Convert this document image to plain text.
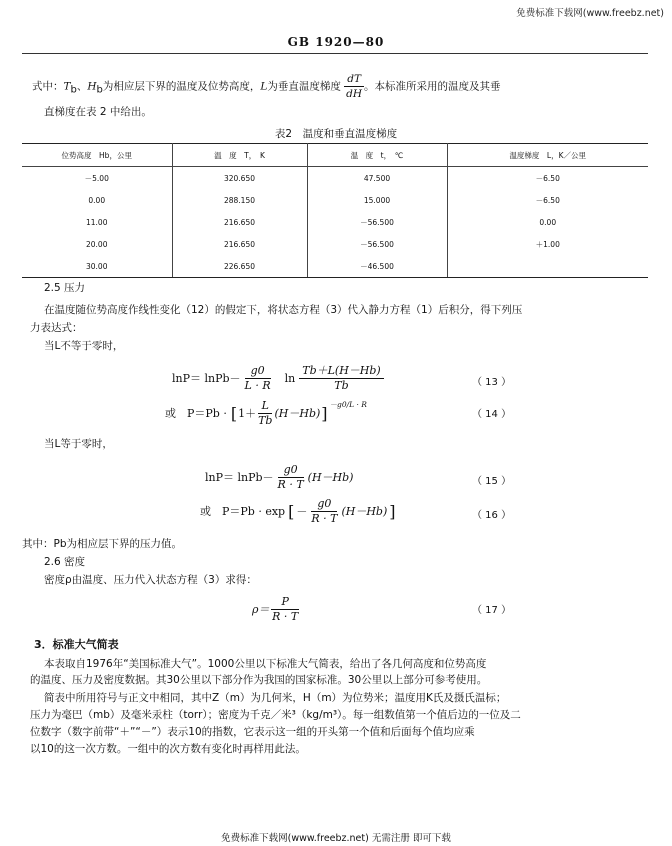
免费标准下载网(www.freebz.net)
GB 1920—80
式中：$T_b$、$H_b$为相应层下界的温度及位势高度，L为垂直温度梯度 $\frac{dT}{dH}$ 。本标准所采用的温度及其垂
直梯度在表 2 中给出。
表2　温度和垂直温度梯度
位势高度　Hb，公里	温　度　T，　K	温　度　t，　℃	温度梯度　L，K／公里
－5.00	320.650	47.500	－6.50
0.00	288.150	15.000	－6.50
11.00	216.650	－56.500	0.00
20.00	216.650	－56.500	＋1.00
30.00	226.650	－46.500	
2.5 压力
在温度随位势高度作线性变化（12）的假定下，将状态方程（3）代入静力方程（1）后积分，得下列压
力表达式：
当L不等于零时，
lnP＝ lnPb－ $\frac{g0}{L \cdot R}$ $\ln \frac{Tb+L(H-Hb)}{Tb}$	（ 13 ）
或　P＝Pb · [ $1+ \frac{L}{Tb} (H-Hb)$ ] －g0/L · R
（ 14 ）
当L等于零时，
lnP＝ lnPb－ $\frac{g0}{R \cdot T} (H-Hb)$	（ 15 ）
或　P＝Pb · exp [ － $\frac{g0}{R \cdot T} (H-Hb)$ ]	（ 16 ）
其中：Pb为相应层下界的压力值。
2.6 密度
密度ρ由温度、压力代入状态方程（3）求得：
$\rho= \frac{P}{R \cdot T}$	（ 17 ）
3．标准大气简表
本表取自1976年“美国标准大气”。1000公里以下标准大气简表，给出了各几何高度和位势高度
的温度、压力及密度数据。其30公里以下部分作为我国的国家标准。30公里以上部分可参考使用。
简表中所用符号与正文中相同，其中Z（m）为几何米，H（m）为位势米；温度用K氏及摄氏温标；
压力为毫巴（mb）及毫米汞柱（torr）；密度为千克／米³（kg/m³）。每一组数值第一个值后边的一位及二
位数字（数字前带“＋”“－”）表示10的指数，它表示这一组的开头第一个值和后面每个值均应乘
以10的这一次方数。一组中的次方数有变化时再样用此法。
免费标准下载网(www.freebz.net) 无需注册 即可下载
